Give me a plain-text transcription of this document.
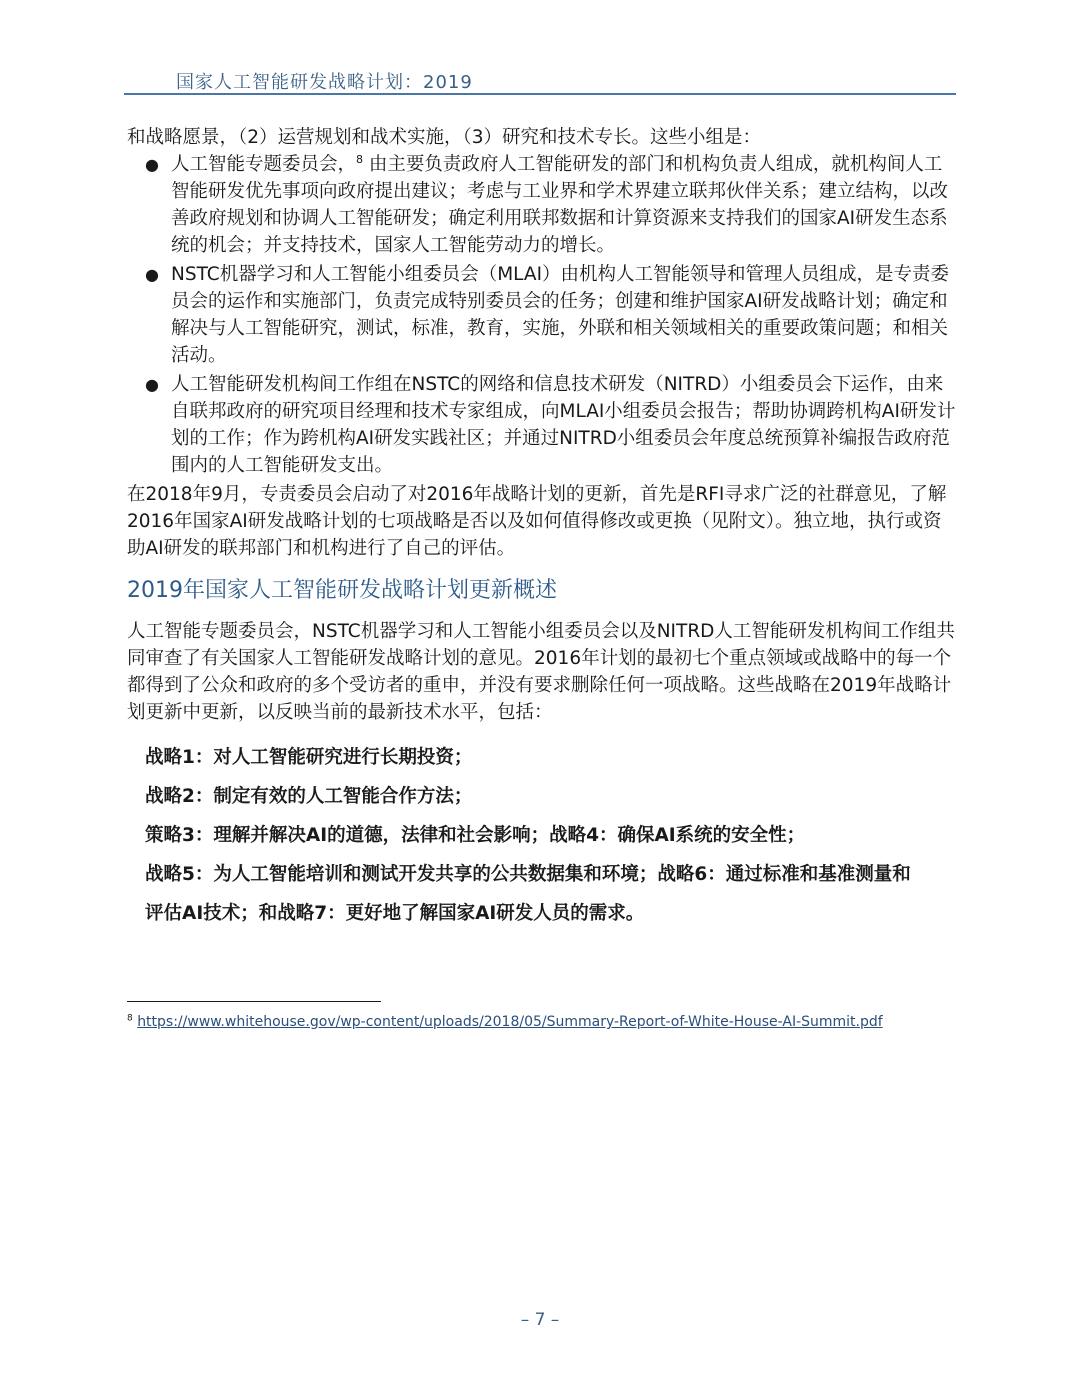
国家人工智能研发战略计划：2019

和战略愿景，（2）运营规划和战术实施，（3）研究和技术专长。这些小组是：

● 人工智能专题委员会，$^8$ 由主要负责政府人工智能研发的部门和机构负责人组成，就机构间人工智能研发优先事项向政府提出建议；考虑与工业界和学术界建立联邦伙伴关系；建立结构，以改善政府规划和协调人工智能研发；确定利用联邦数据和计算资源来支持我们的国家AI研发生态系统的机会；并支持技术，国家人工智能劳动力的增长。
● NSTC机器学习和人工智能小组委员会（MLAI）由机构人工智能领导和管理人员组成，是专责委员会的运作和实施部门，负责完成特别委员会的任务；创建和维护国家AI研发战略计划；确定和解决与人工智能研究，测试，标准，教育，实施，外联和相关领域相关的重要政策问题；和相关活动。
● 人工智能研发机构间工作组在NSTC的网络和信息技术研发（NITRD）小组委员会下运作，由来自联邦政府的研究项目经理和技术专家组成，向MLAI小组委员会报告；帮助协调跨机构AI研发计划的工作；作为跨机构AI研发实践社区；并通过NITRD小组委员会年度总统预算补编报告政府范围内的人工智能研发支出。

在2018年9月，专责委员会启动了对2016年战略计划的更新，首先是RFI寻求广泛的社群意见，了解2016年国家AI研发战略计划的七项战略是否以及如何值得修改或更换（见附文）。独立地，执行或资助AI研发的联邦部门和机构进行了自己的评估。

2019年国家人工智能研发战略计划更新概述

人工智能专题委员会，NSTC机器学习和人工智能小组委员会以及NITRD人工智能研发机构间工作组共同审查了有关国家人工智能研发战略计划的意见。2016年计划的最初七个重点领域或战略中的每一个都得到了公众和政府的多个受访者的重申，并没有要求删除任何一项战略。这些战略在2019年战略计划更新中更新，以反映当前的最新技术水平，包括：

战略1：对人工智能研究进行长期投资；

战略2：制定有效的人工智能合作方法；

策略3：理解并解决AI的道德，法律和社会影响；战略4：确保AI系统的安全性；

战略5：为人工智能培训和测试开发共享的公共数据集和环境；战略6：通过标准和基准测量和

评估AI技术；和战略7：更好地了解国家AI研发人员的需求。

$^8$ https://www.whitehouse.gov/wp-content/uploads/2018/05/Summary-Report-of-White-House-AI-Summit.pdf
– 7 –
